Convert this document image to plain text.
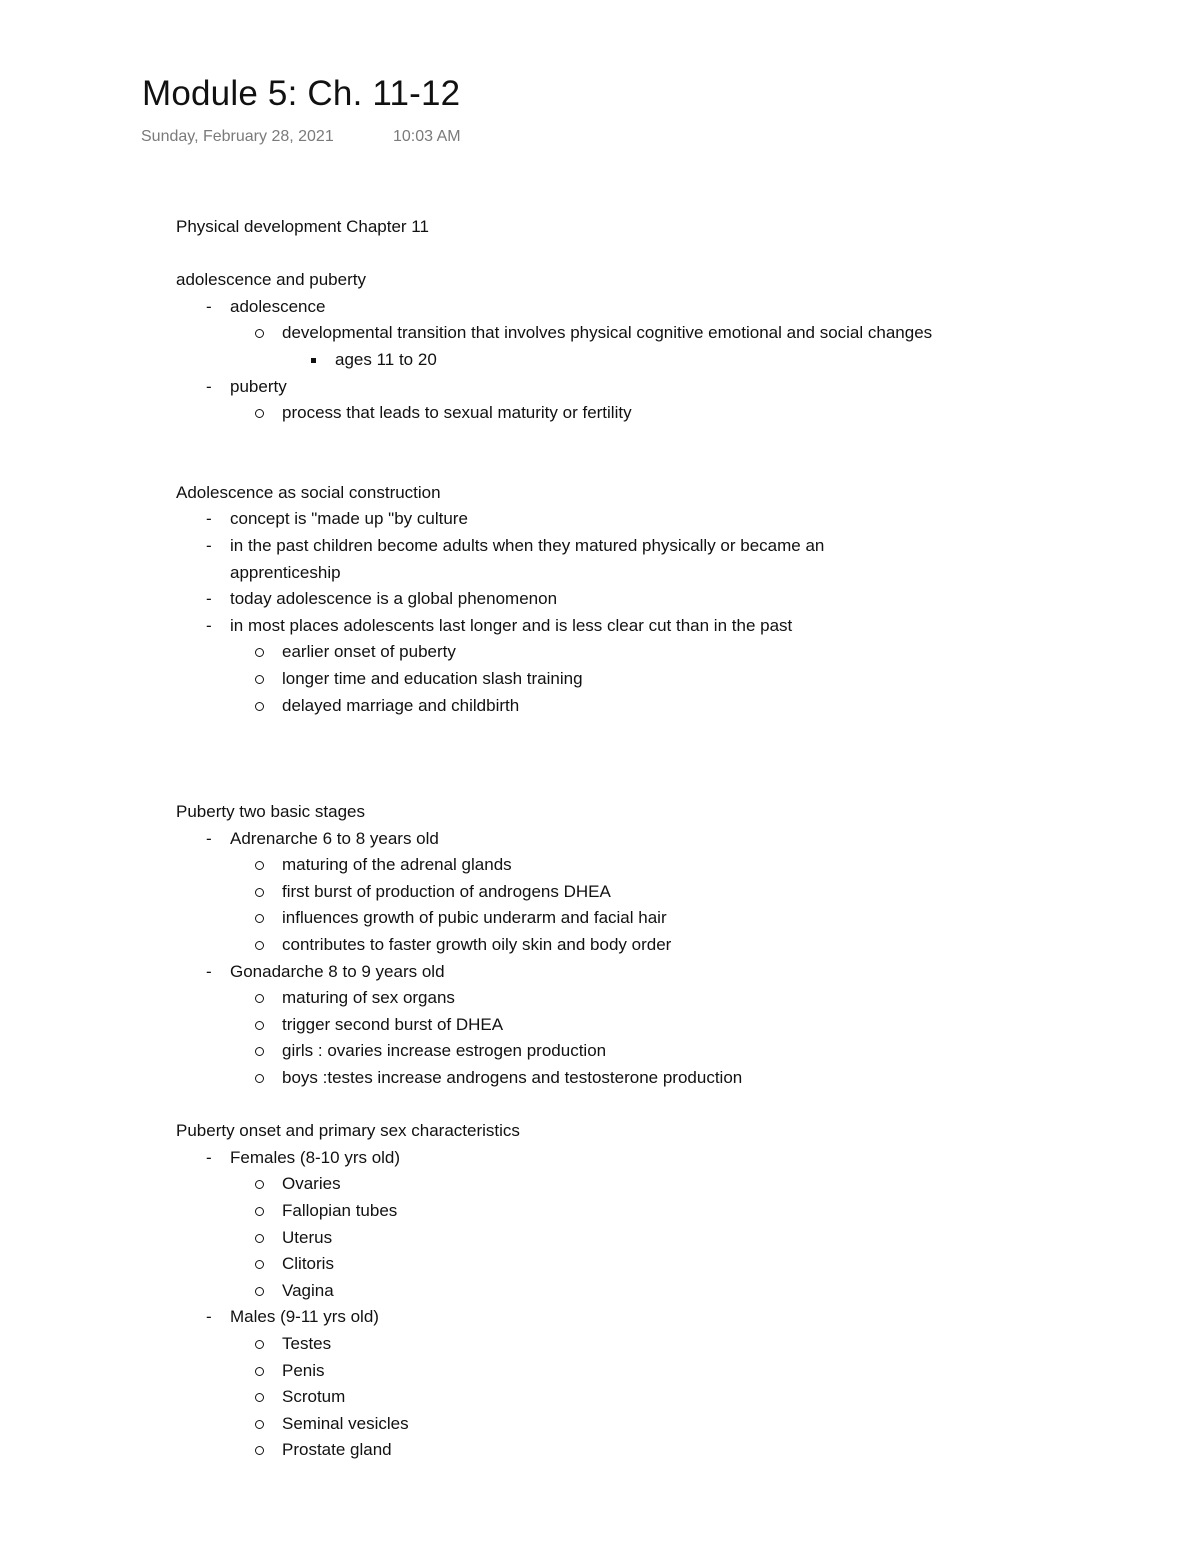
Module 5: Ch. 11-12
Sunday, February 28, 2021	10:03 AM
Physical development Chapter 11
adolescence and puberty
- adolescence
developmental transition that involves physical cognitive emotional and social changes
ages 11 to 20
- puberty
process that leads to sexual maturity or fertility
Adolescence as social construction
- concept is "made up "by culture
- in the past children become adults when they matured physically or became an apprenticeship
- today adolescence is a global phenomenon
- in most places adolescents last longer and is less clear cut than in the past
earlier onset of puberty
longer time and education slash training
delayed marriage and childbirth
Puberty two basic stages
- Adrenarche 6 to 8 years old
maturing of the adrenal glands
first burst of production of androgens DHEA
influences growth of pubic underarm and facial hair
contributes to faster growth oily skin and body order
- Gonadarche 8 to 9 years old
maturing of sex organs
trigger second burst of DHEA
girls : ovaries increase estrogen production
boys :testes increase androgens and testosterone production
Puberty onset and primary sex characteristics
- Females (8-10 yrs old)
Ovaries
Fallopian tubes
Uterus
Clitoris
Vagina
- Males (9-11 yrs old)
Testes
Penis
Scrotum
Seminal vesicles
Prostate gland
